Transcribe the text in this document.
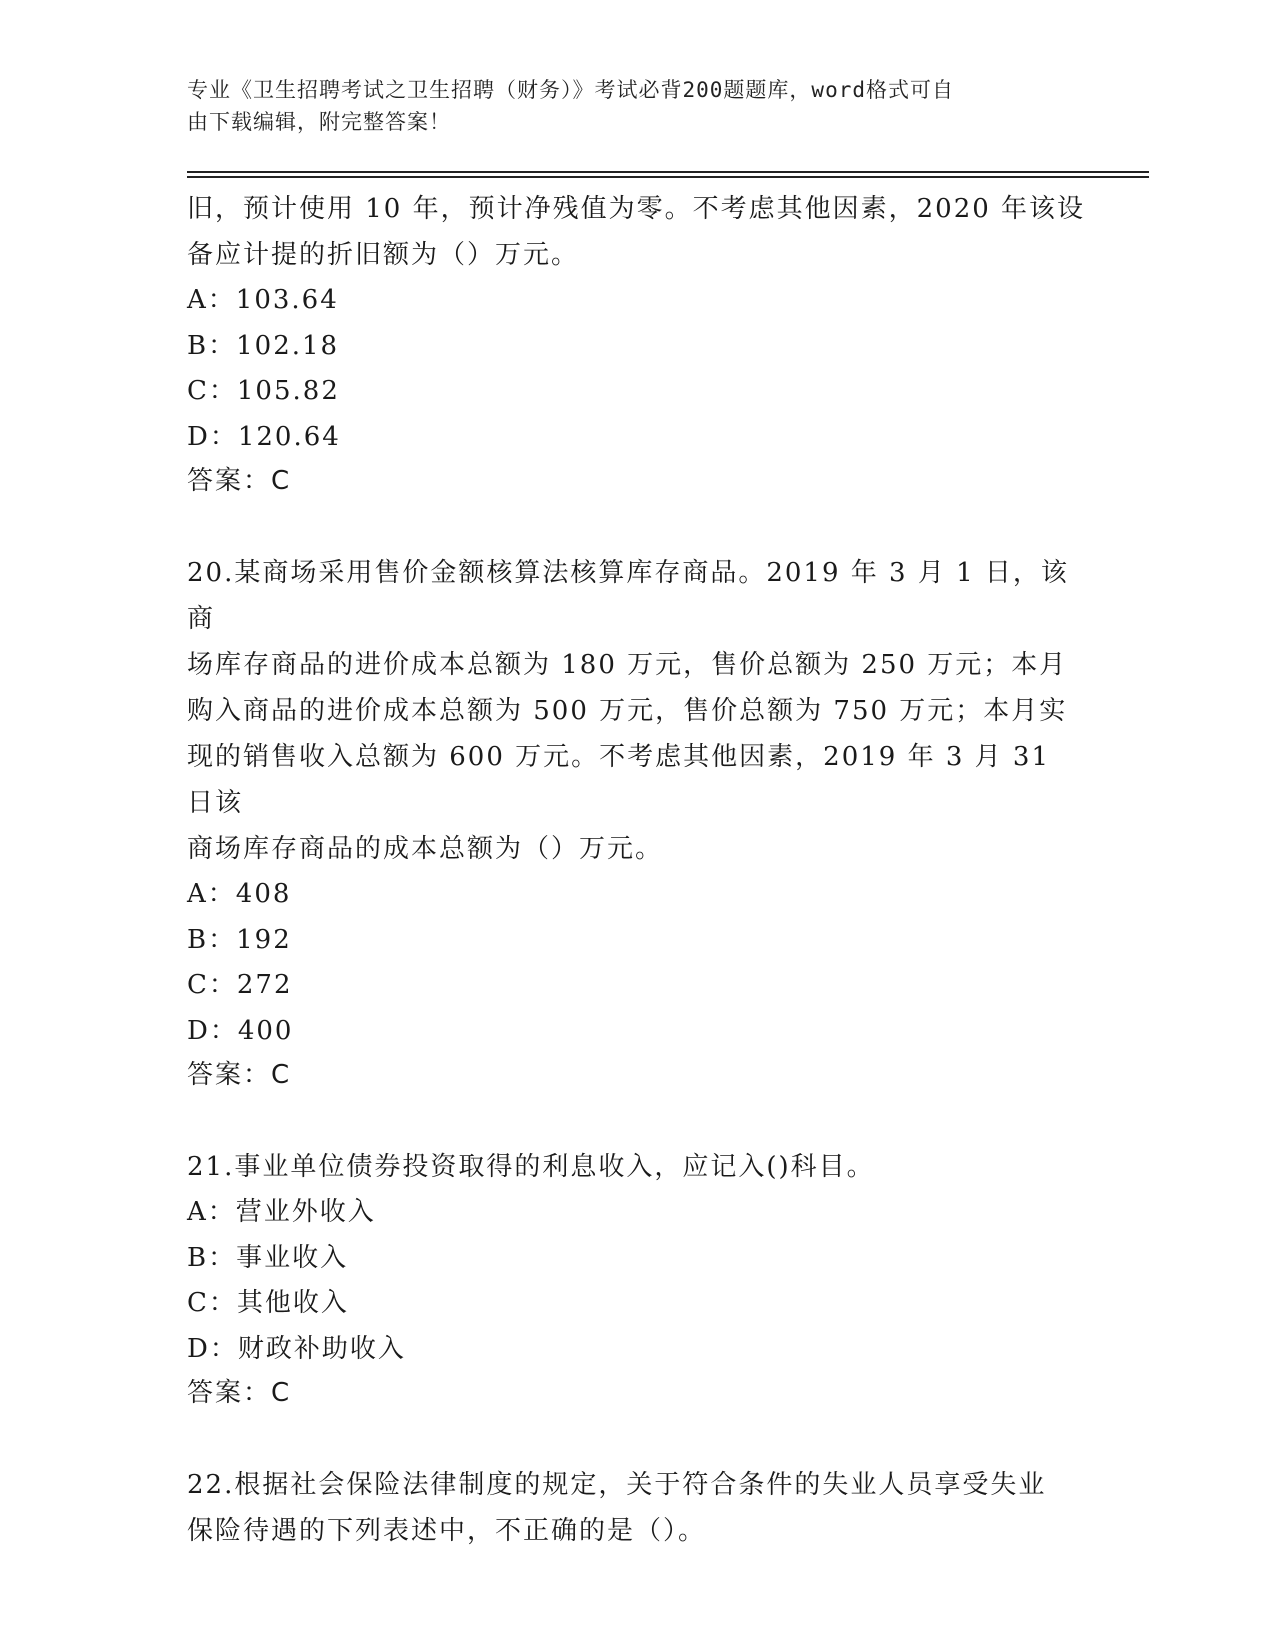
专业《卫生招聘考试之卫生招聘（财务）》考试必背200题题库，word格式可自
由下载编辑，附完整答案！

旧，预计使用 10 年，预计净残值为零。不考虑其他因素，2020 年该设

备应计提的折旧额为（）万元。

A：103.64

B：102.18

C：105.82

D：120.64

答案：C

20.某商场采用售价金额核算法核算库存商品。2019 年 3 月 1 日，该商

场库存商品的进价成本总额为 180 万元，售价总额为 250 万元；本月

购入商品的进价成本总额为 500 万元，售价总额为 750 万元；本月实

现的销售收入总额为 600 万元。不考虑其他因素，2019 年 3 月 31 日该

商场库存商品的成本总额为（）万元。

A：408

B：192

C：272

D：400

答案：C

21.事业单位债券投资取得的利息收入，应记入()科目。

A：营业外收入

B：事业收入

C：其他收入

D：财政补助收入

答案：C

22.根据社会保险法律制度的规定，关于符合条件的失业人员享受失业

保险待遇的下列表述中，不正确的是（）。
